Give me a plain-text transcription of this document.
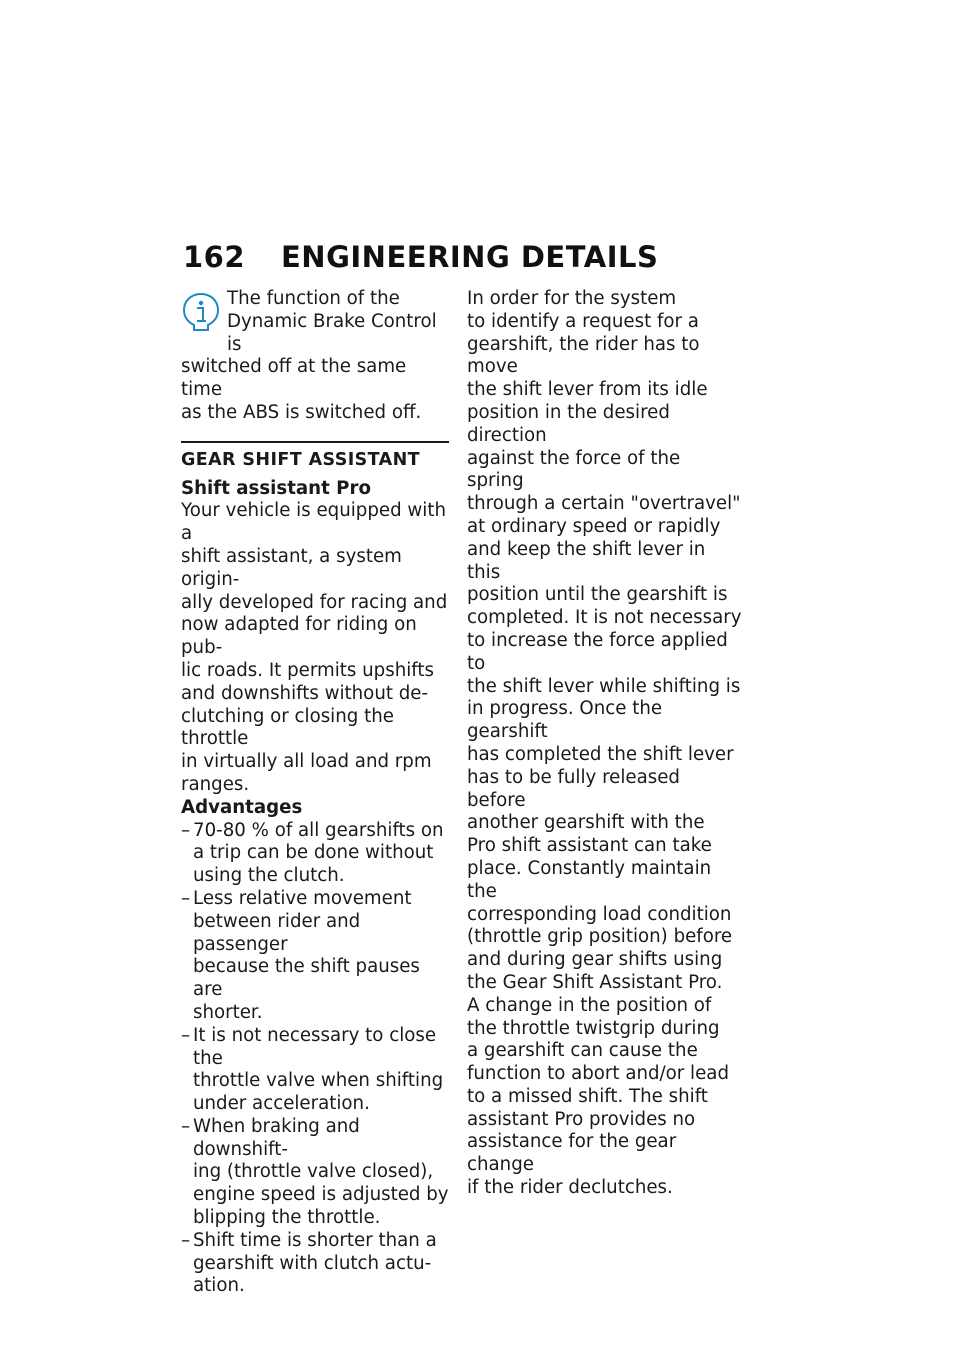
162 ENGINEERING DETAILS

The function of the
Dynamic Brake Control is

switched off at the same time
as the ABS is switched off.

GEAR SHIFT ASSISTANT

Shift assistant Pro

Your vehicle is equipped with a
shift assistant, a system origin-
ally developed for racing and
now adapted for riding on pub-
lic roads. It permits upshifts
and downshifts without de-
clutching or closing the throttle
in virtually all load and rpm
ranges.

Advantages

– 70-80 % of all gearshifts on
a trip can be done without
using the clutch.
– Less relative movement
between rider and passenger
because the shift pauses are
shorter.
– It is not necessary to close the
throttle valve when shifting
under acceleration.
– When braking and downshift-
ing (throttle valve closed),
engine speed is adjusted by
blipping the throttle.
– Shift time is shorter than a
gearshift with clutch actu-
ation.

In order for the system
to identify a request for a
gearshift, the rider has to move
the shift lever from its idle
position in the desired direction
against the force of the spring
through a certain "overtravel"
at ordinary speed or rapidly
and keep the shift lever in this
position until the gearshift is
completed. It is not necessary
to increase the force applied to
the shift lever while shifting is
in progress. Once the gearshift
has completed the shift lever
has to be fully released before
another gearshift with the
Pro shift assistant can take
place. Constantly maintain the
corresponding load condition
(throttle grip position) before
and during gear shifts using
the Gear Shift Assistant Pro.

A change in the position of
the throttle twistgrip during
a gearshift can cause the
function to abort and/or lead
to a missed shift. The shift
assistant Pro provides no
assistance for the gear change
if the rider declutches.
